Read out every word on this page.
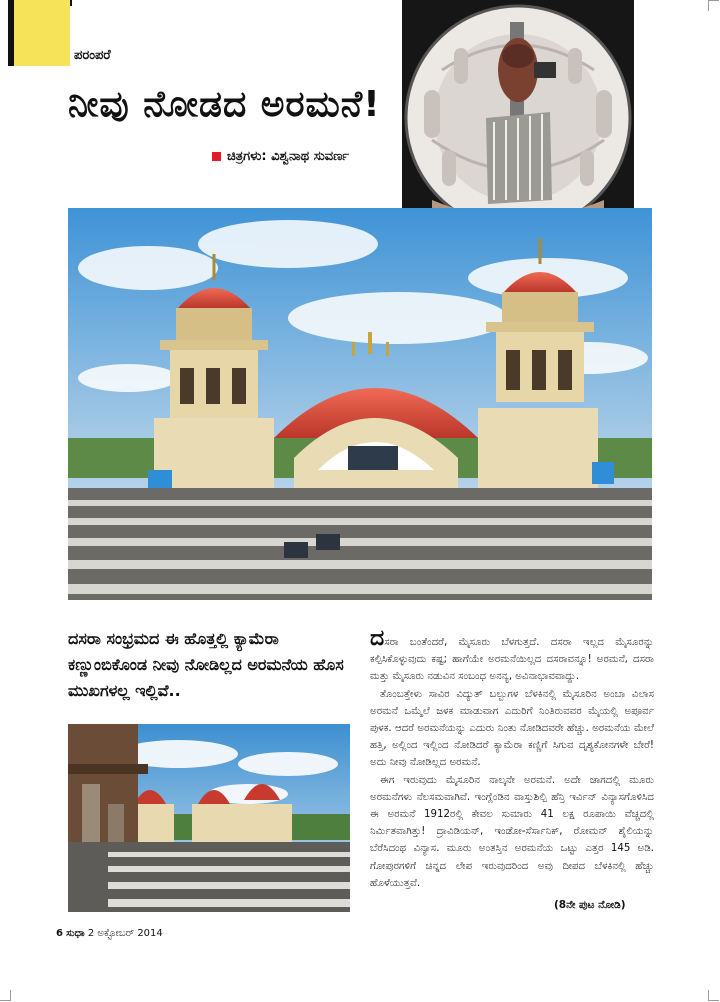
ಪರಂಪರೆ
ನೀವು ನೋಡದ ಅರಮನೆ!
ಚಿತ್ರಗಳು: ವಿಶ್ವನಾಥ ಸುವರ್ಣ
ದಸರಾ ಸಂಭ್ರಮದ ಈ ಹೊತ್ತಲ್ಲಿ ಕ್ಯಾಮೆರಾ ಕಣ್ಣುಂಬಿಕೊಂಡ ನೀವು ನೋಡಿಲ್ಲದ ಅರಮನೆಯ ಹೊಸ ಮುಖಗಳಲ್ಲ ಇಲ್ಲಿವೆ..

ದಸರಾ ಬಂತೆಂದರೆ, ಮೈಸೂರು ಬೆಳಗುತ್ತದೆ. ದಸರಾ ಇಲ್ಲದ ಮೈಸೂರನ್ನು ಕಲ್ಪಿಸಿಕೊಳ್ಳುವುದು ಕಷ್ಟ; ಹಾಗೆಯೇ ಅರಮನೆಯಿಲ್ಲದ ದಸರಾವನ್ನೂ! ಅರಮನೆ, ದಸರಾ ಮತ್ತು ಮೈಸೂರು ನಡುವಿನ ಸಂಬಂಧ ಅನನ್ಯ, ಅವಿನಾಭಾವವಾದ್ದು.

ತೊಂಬತ್ತೇಳು ಸಾವಿರ ವಿದ್ಯುತ್ ಬಲ್ಬುಗಳ ಬೆಳಕಿನಲ್ಲಿ ಮೈಸೂರಿನ ಅಂಬಾ ವಿಲಾಸ ಅರಮನೆ ಒಮ್ಮೆಲೆ ಜಳಕ ಮಾಡುವಾಗ ಎದುರಿಗೆ ನಿಂತಿರುವವರ ಮೈಯಲ್ಲಿ ಅಪೂರ್ವ ಪುಳಕ. ಆದರೆ ಅರಮನೆಯನ್ನು ಎದುರು ನಿಂತು ನೋಡಿದವರೇ ಹೆಚ್ಚು. ಅರಮನೆಯ ಮೇಲೆ ಹತ್ತಿ, ಅಲ್ಲಿಂದ ಇಲ್ಲಿಂದ ನೋಡಿದರೆ ಕ್ಯಾಮೆರಾ ಕಣ್ಣಿಗೆ ಸಿಗುವ ದೃಶ್ಯಕೋನಗಳೇ ಬೇರೆ! ಅದು ನೀವು ನೋಡಿಲ್ಲದ ಅರಮನೆ.

ಈಗ ಇರುವುದು ಮೈಸೂರಿನ ನಾಲ್ಕನೇ ಅರಮನೆ. ಅದೇ ಜಾಗದಲ್ಲಿ ಮೂರು ಅರಮನೆಗಳು ನೆಲಸಮವಾಗಿವೆ. ಇಂಗ್ಲೆಂಡಿನ ವಾಸ್ತುಶಿಲ್ಪಿ ಹೆನ್ರಿ ಇರ್ವಿನ್ ವಿನ್ಯಾಸಗೊಳಿಸಿದ ಈ ಅರಮನೆ 1912ರಲ್ಲಿ ಕೇವಲ ಸುಮಾರು 41 ಲಕ್ಷ ರೂಪಾಯಿ ವೆಚ್ಚದಲ್ಲಿ ನಿರ್ಮಿತವಾಗಿತ್ತು! ದ್ರಾವಿಡಿಯನ್, ಇಂಡೋ-ಸೆರ್ಸಾನಿಕ್, ರೋಮನ್ ಶೈಲಿಯನ್ನು ಬೆರೆಸಿದಂಥ ವಿನ್ಯಾಸ. ಮೂರು ಅಂತಸ್ತಿನ ಅರಮನೆಯ ಒಟ್ಟು ಎತ್ತರ 145 ಅಡಿ. ಗೋಪುರಗಳಿಗೆ ಚಿನ್ನದ ಲೇಪ ಇರುವುದರಿಂದ ಅವು ದೀಪದ ಬೆಳಕಿನಲ್ಲಿ ಹೆಚ್ಚು ಹೊಳೆಯುತ್ತವೆ.

(8ನೇ ಪುಟ ನೋಡಿ)
6 ಸುಧಾ 2 ಅಕ್ಟೋಬರ್ 2014
